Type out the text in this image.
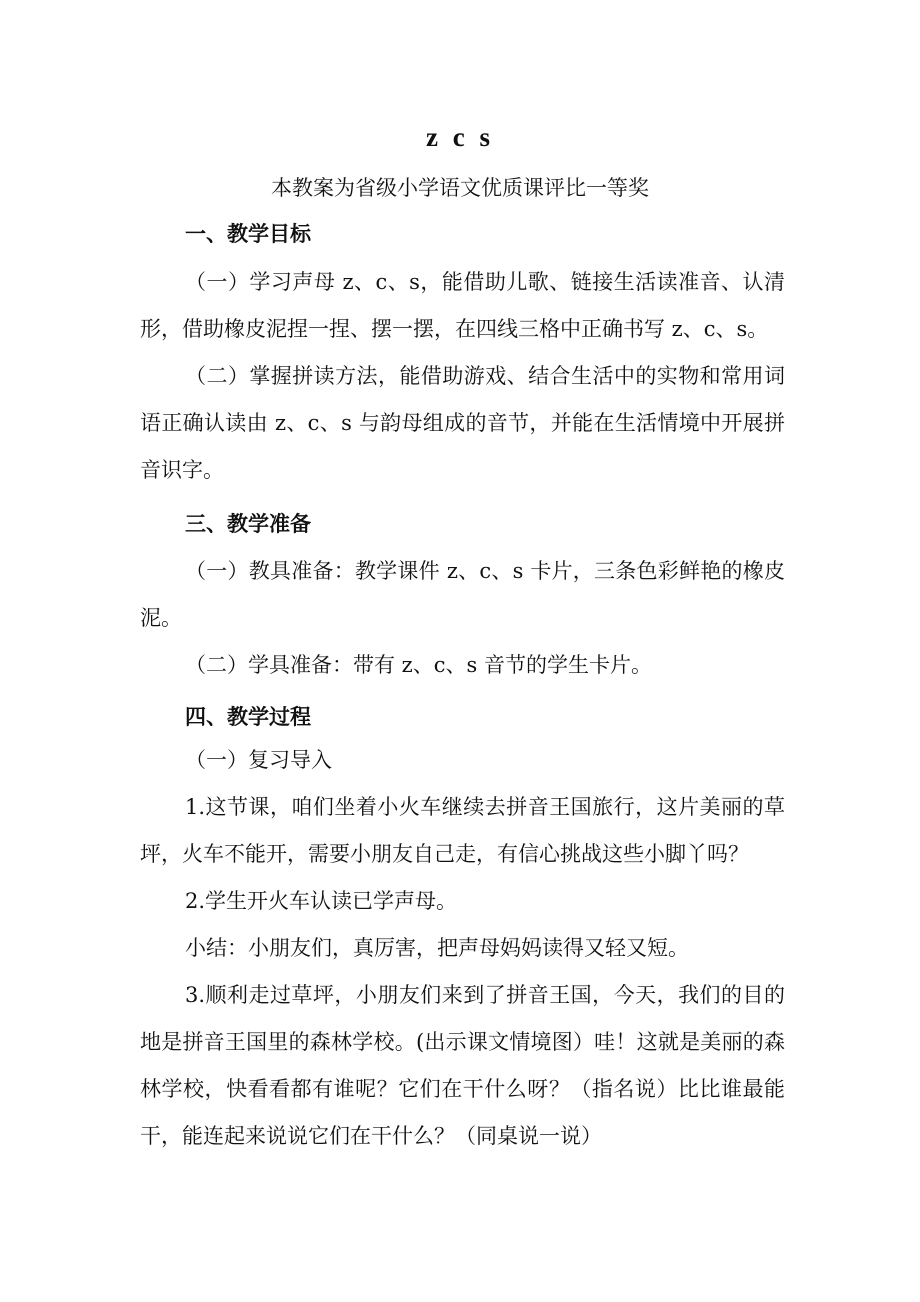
z c s
本教案为省级小学语文优质课评比一等奖
一、教学目标

（一）学习声母 z、c、s，能借助儿歌、链接生活读准音、认清形，借助橡皮泥捏一捏、摆一摆，在四线三格中正确书写 z、c、s。

（二）掌握拼读方法，能借助游戏、结合生活中的实物和常用词语正确认读由 z、c、s 与韵母组成的音节，并能在生活情境中开展拼音识字。

三、教学准备

（一）教具准备：教学课件 z、c、s 卡片，三条色彩鲜艳的橡皮泥。

（二）学具准备：带有 z、c、s 音节的学生卡片。

四、教学过程

（一）复习导入

1.这节课，咱们坐着小火车继续去拼音王国旅行，这片美丽的草坪，火车不能开，需要小朋友自己走，有信心挑战这些小脚丫吗？

2.学生开火车认读已学声母。

小结：小朋友们，真厉害，把声母妈妈读得又轻又短。

3.顺利走过草坪，小朋友们来到了拼音王国，今天，我们的目的地是拼音王国里的森林学校。(出示课文情境图）哇！这就是美丽的森林学校，快看看都有谁呢？它们在干什么呀？（指名说）比比谁最能干，能连起来说说它们在干什么？（同桌说一说）
